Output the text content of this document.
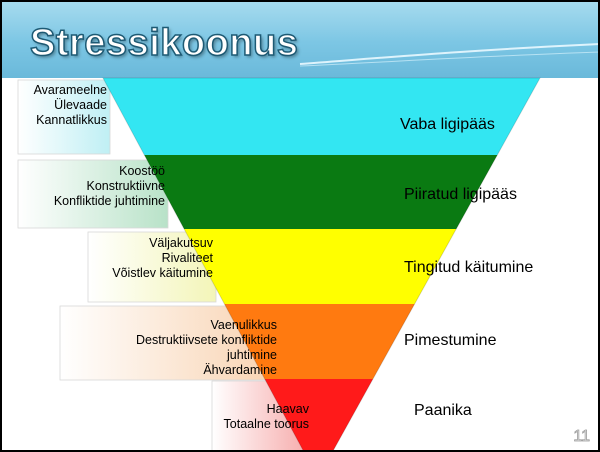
Stressikoonus
Avarameelne
Ülevaade
Kannatlikkus	Vaba ligipääs
Koostöö
Konstruktiivne
Konfliktide juhtimine	Piiratud ligipääs
Väljakutsuv
Rivaliteet
Võistlev käitumine	Tingitud käitumine
Vaenulikkus
Destruktiivsete konfliktide
juhtimine
Ähvardamine
Pimestumine
Haavav
Totaalne toorus
Paanika
11
